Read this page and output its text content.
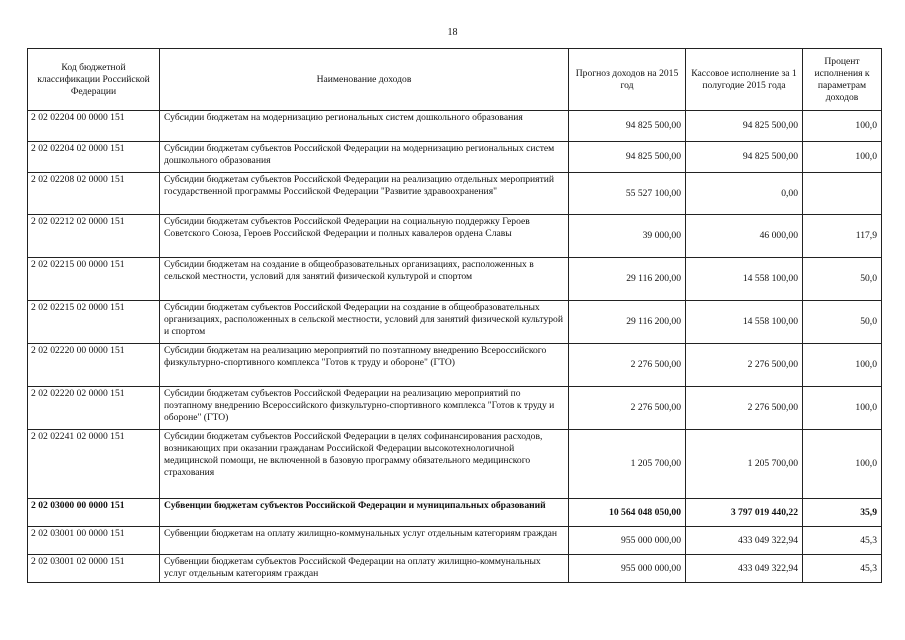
18
Код бюджетной классификации Российской Федерации	Наименование доходов	Прогноз доходов на 2015 год	Кассовое исполнение за 1 полугодие 2015 года	Процент исполнения к параметрам доходов
2 02 02204 00 0000 151	Субсидии бюджетам на модернизацию региональных систем дошкольного образования	94 825 500,00	94 825 500,00	100,0
2 02 02204 02 0000 151	Субсидии бюджетам субъектов Российской Федерации на модернизацию региональных систем дошкольного образования	94 825 500,00	94 825 500,00	100,0
2 02 02208 02 0000 151	Субсидии бюджетам субъектов Российской Федерации на реализацию отдельных мероприятий государственной программы Российской Федерации "Развитие здравоохранения"	55 527 100,00	0,00	
2 02 02212 02 0000 151	Субсидии бюджетам субъектов Российской Федерации на социальную поддержку Героев Советского Союза, Героев Российской Федерации и полных кавалеров ордена Славы	39 000,00	46 000,00	117,9
2 02 02215 00 0000 151	Субсидии бюджетам на создание в общеобразовательных организациях, расположенных в сельской местности, условий для занятий физической культурой и спортом	29 116 200,00	14 558 100,00	50,0
2 02 02215 02 0000 151	Субсидии бюджетам субъектов Российской Федерации на создание в общеобразовательных организациях, расположенных в сельской местности, условий для занятий физической культурой и спортом	29 116 200,00	14 558 100,00	50,0
2 02 02220 00 0000 151	Субсидии бюджетам на реализацию мероприятий по поэтапному внедрению Всероссийского физкультурно-спортивного комплекса "Готов к труду и обороне" (ГТО)	2 276 500,00	2 276 500,00	100,0
2 02 02220 02 0000 151	Субсидии бюджетам субъектов Российской Федерации на реализацию мероприятий по поэтапному внедрению Всероссийского физкультурно-спортивного комплекса "Готов к труду и обороне" (ГТО)	2 276 500,00	2 276 500,00	100,0
2 02 02241 02 0000 151	Субсидии бюджетам субъектов Российской Федерации в целях софинансирования расходов, возникающих при оказании гражданам Российской Федерации высокотехнологичной медицинской помощи, не включенной в базовую программу обязательного медицинского страхования	1 205 700,00	1 205 700,00	100,0
2 02 03000 00 0000 151	Субвенции бюджетам субъектов Российской Федерации и муниципальных образований	10 564 048 050,00	3 797 019 440,22	35,9
2 02 03001 00 0000 151	Субвенции бюджетам на оплату жилищно-коммунальных услуг отдельным категориям граждан	955 000 000,00	433 049 322,94	45,3
2 02 03001 02 0000 151	Субвенции бюджетам субъектов Российской Федерации на оплату жилищно-коммунальных услуг отдельным категориям граждан	955 000 000,00	433 049 322,94	45,3
